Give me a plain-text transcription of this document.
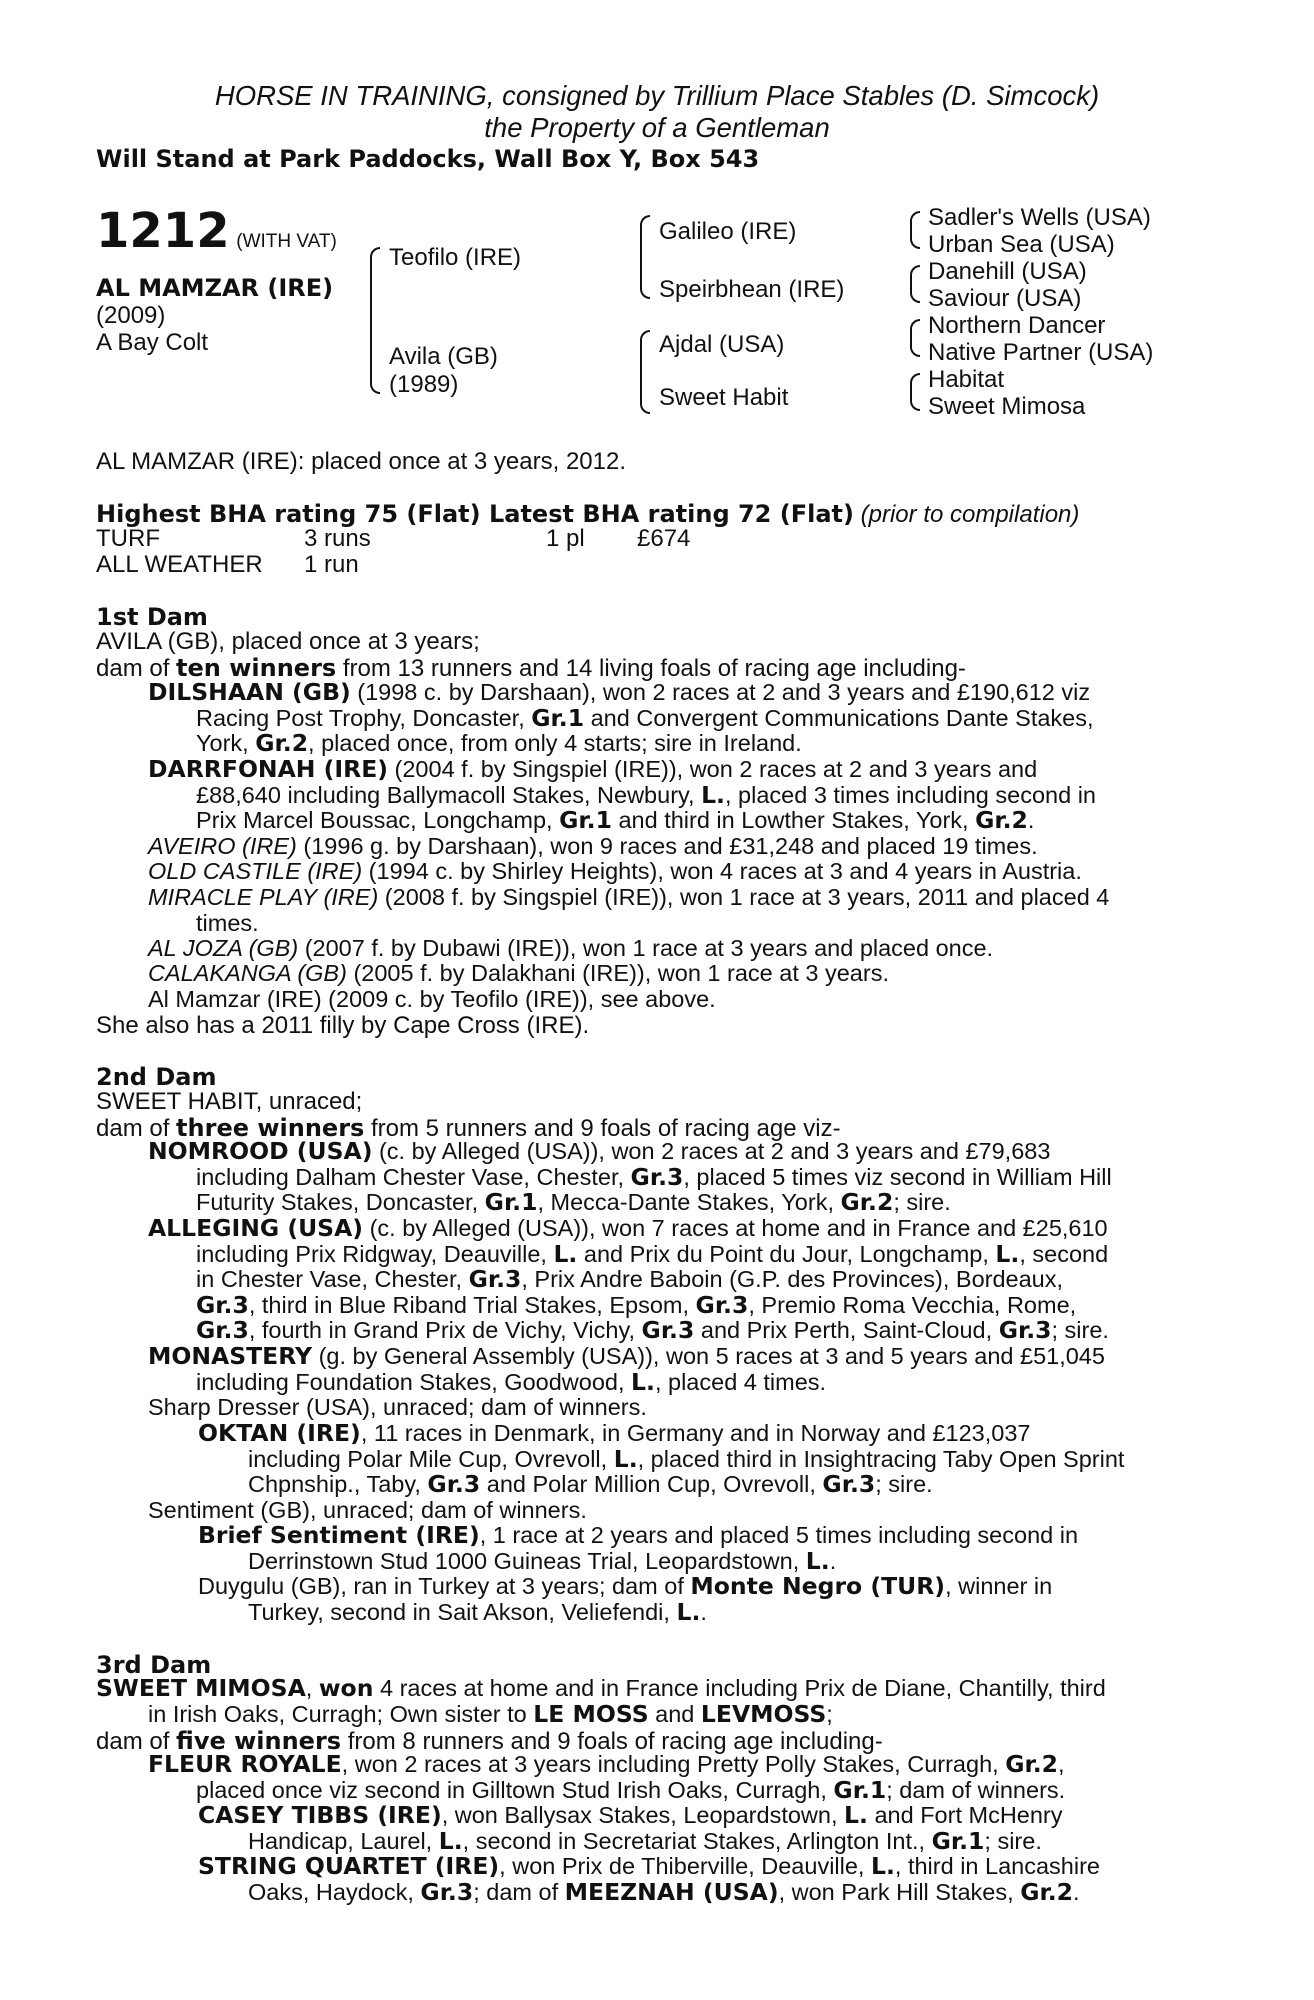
HORSE IN TRAINING, consigned by Trillium Place Stables (D. Simcock)
the Property of a Gentleman
Will Stand at Park Paddocks, Wall Box Y, Box 543
1212 (WITH VAT)
AL MAMZAR (IRE)
(2009)
A Bay Colt
Teofilo (IRE)
Avila (GB)
(1989)
Galileo (IRE)
Speirbhean (IRE)
Ajdal (USA)
Sweet Habit
Sadler's Wells (USA)
Urban Sea (USA)
Danehill (USA)
Saviour (USA)
Northern Dancer
Native Partner (USA)
Habitat
Sweet Mimosa
AL MAMZAR (IRE): placed once at 3 years, 2012.
Highest BHA rating 75 (Flat) Latest BHA rating 72 (Flat) (prior to compilation)
TURF	3 runs	1 pl £674
ALL WEATHER 1 run
1st Dam
AVILA (GB), placed once at 3 years;
dam of ten winners from 13 runners and 14 living foals of racing age including-
DILSHAAN (GB) (1998 c. by Darshaan), won 2 races at 2 and 3 years and £190,612 viz
Racing Post Trophy, Doncaster, Gr.1 and Convergent Communications Dante Stakes,
York, Gr.2, placed once, from only 4 starts; sire in Ireland.
DARRFONAH (IRE) (2004 f. by Singspiel (IRE)), won 2 races at 2 and 3 years and
£88,640 including Ballymacoll Stakes, Newbury, L., placed 3 times including second in
Prix Marcel Boussac, Longchamp, Gr.1 and third in Lowther Stakes, York, Gr.2.
AVEIRO (IRE) (1996 g. by Darshaan), won 9 races and £31,248 and placed 19 times.
OLD CASTILE (IRE) (1994 c. by Shirley Heights), won 4 races at 3 and 4 years in Austria.
MIRACLE PLAY (IRE) (2008 f. by Singspiel (IRE)), won 1 race at 3 years, 2011 and placed 4
times.
AL JOZA (GB) (2007 f. by Dubawi (IRE)), won 1 race at 3 years and placed once.
CALAKANGA (GB) (2005 f. by Dalakhani (IRE)), won 1 race at 3 years.
Al Mamzar (IRE) (2009 c. by Teofilo (IRE)), see above.
She also has a 2011 filly by Cape Cross (IRE).
2nd Dam
SWEET HABIT, unraced;
dam of three winners from 5 runners and 9 foals of racing age viz-
NOMROOD (USA) (c. by Alleged (USA)), won 2 races at 2 and 3 years and £79,683
including Dalham Chester Vase, Chester, Gr.3, placed 5 times viz second in William Hill
Futurity Stakes, Doncaster, Gr.1, Mecca-Dante Stakes, York, Gr.2; sire.
ALLEGING (USA) (c. by Alleged (USA)), won 7 races at home and in France and £25,610
including Prix Ridgway, Deauville, L. and Prix du Point du Jour, Longchamp, L., second
in Chester Vase, Chester, Gr.3, Prix Andre Baboin (G.P. des Provinces), Bordeaux,
Gr.3, third in Blue Riband Trial Stakes, Epsom, Gr.3, Premio Roma Vecchia, Rome,
Gr.3, fourth in Grand Prix de Vichy, Vichy, Gr.3 and Prix Perth, Saint-Cloud, Gr.3; sire.
MONASTERY (g. by General Assembly (USA)), won 5 races at 3 and 5 years and £51,045
including Foundation Stakes, Goodwood, L., placed 4 times.
Sharp Dresser (USA), unraced; dam of winners.
OKTAN (IRE), 11 races in Denmark, in Germany and in Norway and £123,037
including Polar Mile Cup, Ovrevoll, L., placed third in Insightracing Taby Open Sprint
Chpnship., Taby, Gr.3 and Polar Million Cup, Ovrevoll, Gr.3; sire.
Sentiment (GB), unraced; dam of winners.
Brief Sentiment (IRE), 1 race at 2 years and placed 5 times including second in
Derrinstown Stud 1000 Guineas Trial, Leopardstown, L..
Duygulu (GB), ran in Turkey at 3 years; dam of Monte Negro (TUR), winner in
Turkey, second in Sait Akson, Veliefendi, L..
3rd Dam
SWEET MIMOSA, won 4 races at home and in France including Prix de Diane, Chantilly, third
in Irish Oaks, Curragh; Own sister to LE MOSS and LEVMOSS;
dam of five winners from 8 runners and 9 foals of racing age including-
FLEUR ROYALE, won 2 races at 3 years including Pretty Polly Stakes, Curragh, Gr.2,
placed once viz second in Gilltown Stud Irish Oaks, Curragh, Gr.1; dam of winners.
CASEY TIBBS (IRE), won Ballysax Stakes, Leopardstown, L. and Fort McHenry
Handicap, Laurel, L., second in Secretariat Stakes, Arlington Int., Gr.1; sire.
STRING QUARTET (IRE), won Prix de Thiberville, Deauville, L., third in Lancashire
Oaks, Haydock, Gr.3; dam of MEEZNAH (USA), won Park Hill Stakes, Gr.2.
